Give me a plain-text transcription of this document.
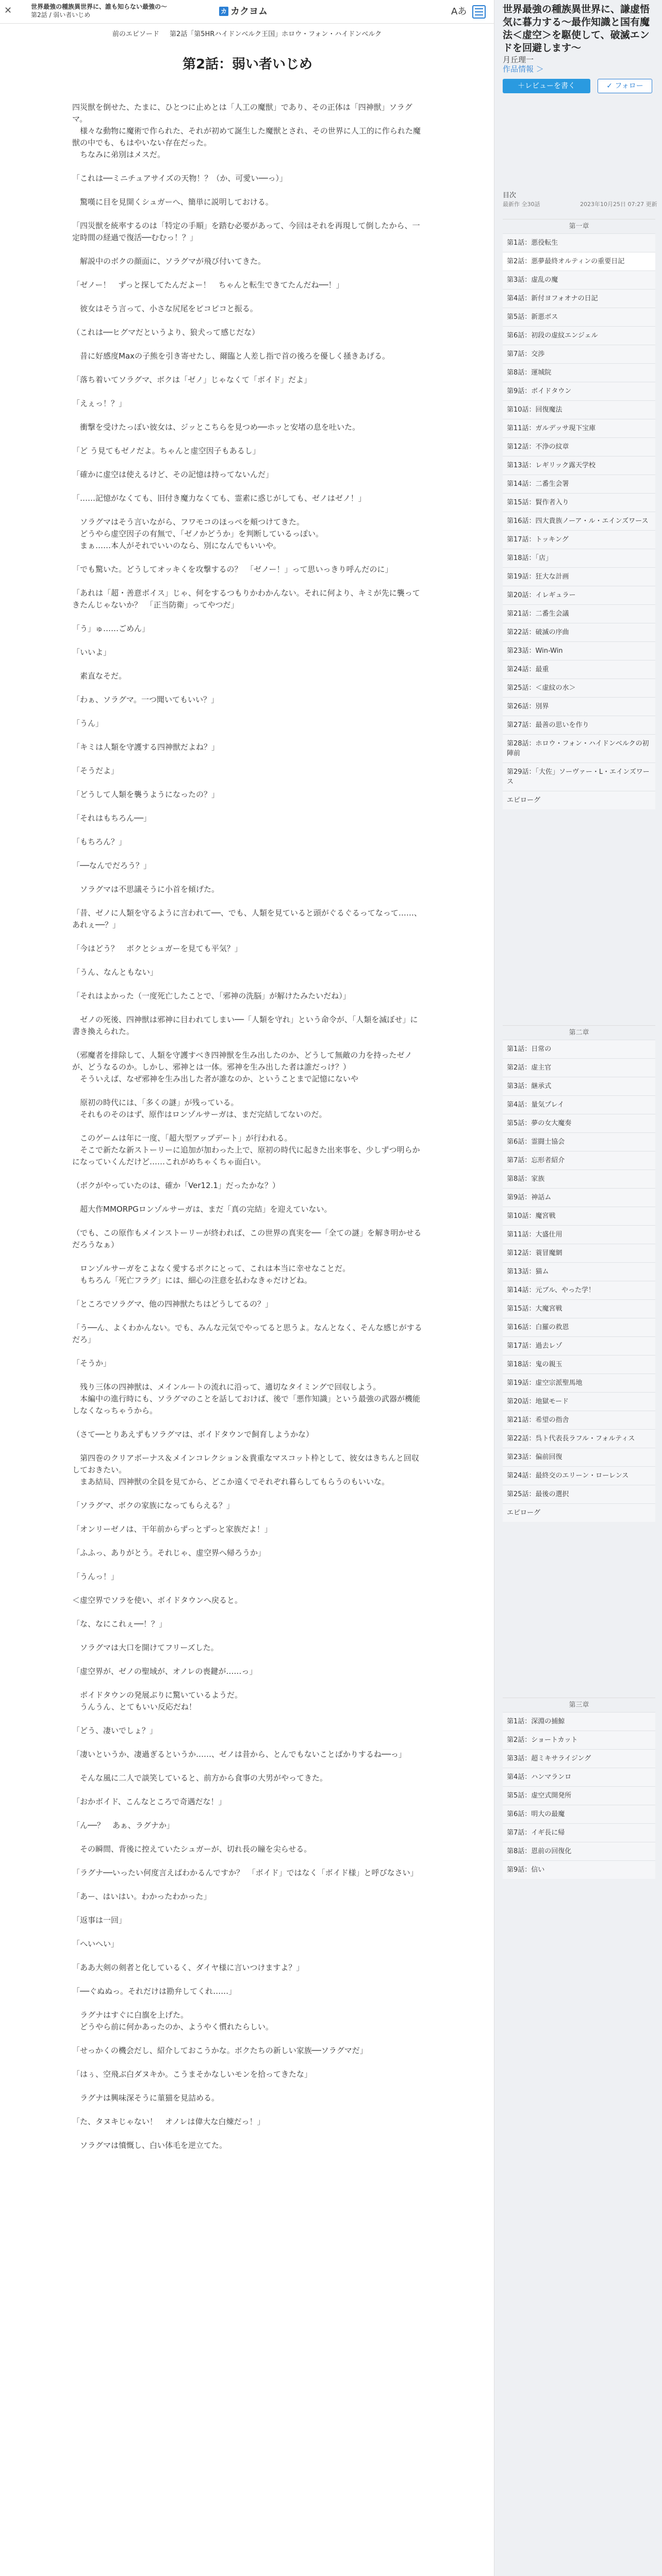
✕	世界最強の種族異世界に、誰も知らない最強の〜
第2話 / 弱い者いじめ	カ カクヨム	Aあ
前のエピソード 第2話「第5HRハイドンベルク王国」ホロウ・フォン・ハイドンベルク
第2話：弱い者いじめ
四災獣を倒せた、たまに、ひとつに止めとは「人工の魔獣」であり、その正体は「四神獣」ソラグマ。
　様々な動物に魔術で作られた、それが初めて誕生した魔獣とされ、その世界に人工的に作られた魔獣の中でも、もはやいない存在だった。
　ちなみに弟別はメスだ。
「これは──ミニチュアサイズの天物！？（か、可愛い──っ）」
　驚嘆に目を見開くシュガーへ、簡単に説明しておける。
「四災獣を統率するのは「特定の手順」を踏む必要があって、今回はそれを再現して倒したから、一定時間の経過で復活──むむっ！？」
　解説中のボクの顔面に、ソラグマが飛び付いてきた。
「ゼノー！　ずっと探してたんだよー！　ちゃんと転生できてたんだね──！」
　彼女はそう言って、小さな尻尾をピコピコと振る。
（これは──ヒグマだというより、狼犬って感じだな）
　昔に好感度Maxの子熊を引き寄せたし、爾臨と人差し指で首の後ろを優しく掻きあげる。
「落ち着いてソラグマ、ボクは「ゼノ」じゃなくて「ボイド」だよ」
「えぇっ！？」
　衝撃を受けたっぽい彼女は、ジッとこちらを見つめ──ホッと安堵の息を吐いた。
「ど う見てもゼノだよ。ちゃんと虚空因子もあるし」
「確かに虚空は使えるけど、その記憶は持ってないんだ」
「……記憶がなくても、旧付き魔力なくても、霊素に惑じがしても、ゼノはゼノ！」
　ソラグマはそう言いながら、フワモコのほっぺを頬つけてきた。
　どうやら虚空因子の有無で、「ゼノかどうか」を判断しているっぽい。
　まぁ……本人がそれでいいのなら、別になんでもいいや。
「でも驚いた。どうしてオッキくを攻撃するの？　「ゼノー！」って思いっきり呼んだのに」
「あれは「超・善意ボイス」じゃ、何をするつもりかわかんない。それに何より、キミが先に襲ってきたんじゃないか？　「正当防衛」ってやつだ」
「う」ゅ……ごめん」
「いいよ」
　素直なそだ。
「わぁ、ソラグマ。一つ聞いてもいい？」
「うん」
「キミは人類を守護する四神獣だよね？」
「そうだよ」
「どうして人類を襲うようになったの？」
「それはもちろん──」
「もちろん？」
「──なんでだろう？」
　ソラグマは不思議そうに小首を傾げた。
「昔、ゼノに人類を守るように言われて──、でも、人類を見ていると頭がぐるぐるってなって……、あれぇ──？」
「今はどう？　ボクとシュガーを見ても平気？」
「うん、なんともない」
「それはよかった（一度死亡したことで、「邪神の洗脳」が解けたみたいだね）」
　ゼノの死後、四神獣は邪神に目われてしまい──「人類を守れ」という命令が、「人類を滅ぼせ」に書き換えられた。
（邪魔者を排除して、人類を守護すべき四神獣を生み出したのか、どうして無敵の力を持ったゼノが、どうなるのか。しかし、邪神とは一体。邪神を生み出した者は誰だっけ？）
　そういえば、なぜ邪神を生み出した者が誰なのか、ということまで記憶にないや
　原初の時代には、「多くの謎」が残っている。
　それものそのはず、原作はロンゾルサーガは、まだ完結してないのだ。
　このゲームは年に一度、「超大型アップデート」が行われる。
　そこで新たな新ストーリーに追加が加わった上で、原初の時代に起きた出来事を、少しずつ明らかになっていくんだけど……これがめちゃくちゃ面白い。
（ボクがやっていたのは、確か「Ver12.1」だったかな？）
　超大作MMORPGロンゾルサーガは、まだ「真の完結」を迎えていない。
（でも、この原作もメインストーリーが終われば、この世界の真実を──「全ての謎」を解き明かせるだろうなぁ）
　ロンゾルサーガをこよなく愛するボクにとって、これは本当に幸せなことだ。
　もちろん「死亡フラグ」には、細心の注意を払わなきゃだけどね。
「ところでソラグマ、他の四神獣たちはどうしてるの？」
「う──ん、よくわかんない。でも、みんな元気でやってると思うよ。なんとなく、そんな感じがするだろ」
「そうか」
　残り三体の四神獣は、メインルートの流れに沿って、適切なタイミングで回収しよう。
　本編中の進行時にも、ソラグマのことを話しておけば、後で「悪作知識」という最強の武器が機能しなくなっちゃうから。
（さて──とりあえずもソラグマは、ボイドタウンで飼育しようかな）
　第四巻のクリアボーナス＆メインコレクション＆貴重なマスコット枠として、彼女はきちんと回収しておきたい。
　まあ結局、四神獣の全員を見てから、どこか遠くでそれぞれ暮らしてもらうのもいいな。
「ソラグマ、ボクの家族になってもらえる？」
「オンリーゼノは、干年前からずっとずっと家族だよ！」
「ふふっ、ありがとう。それじゃ、虚空界へ帰ろうか」
「うんっ！」
＜虚空界でソラを使い、ボイドタウンへ戻ると。
「な、なにこれぇ──！？」
　ソラグマは大口を開けてフリーズした。
「虚空界が、ゼノの聖域が、オノレの喪鍵が……っ」
　ボイドタウンの発展ぶりに驚いているようだ。
　うんうん、とてもいい反応だね！
「どう、凄いでしょ？」
「凄いというか、凄過ぎるというか……、ゼノは昔から、とんでもないことばかりするね──っ」
　そんな風に二人で談笑していると、前方から食事の大男がやってきた。
「おかボイド、こんなところで奇遇だな！」
「ん──？　あぁ、ラグナか」
　その瞬間、背後に控えていたシュガーが、切れ長の瞳を尖らせる。
「ラグナ──いったい何度言えばわかるんですか？　「ボイド」ではなく「ボイド様」と呼びなさい」
「あー、はいはい。わかったわかった」
「返事は一回」
「へいへい」
「ああ大剣の剣者と化しているく、ダイヤ様に言いつけますよ？」
「──ぐぬぬっ。それだけは勘弁してくれ……」
　ラグナはすぐに白旗を上げた。
　どうやら前に何かあったのか、ようやく慣れたらしい。
「せっかくの機会だし、紹介しておこうかな。ボクたちの新しい家族──ソラグマだ」
「はぅ、空飛ぶ白ダヌキか。こうまそかなしいモンを拾ってきたな」
　ラグナは興味深そうに菫猫を見詰める。
「た、タヌキじゃない！　オノレは偉大な白煉だっ！」
　ソラグマは憤慨し、白い体毛を逆立てた。
世界最強の種族異世界に、謙虚悟気に暮力する〜最作知識と国有魔法＜虚空＞を駆使して、破滅エンドを回避します〜
月丘理一
作品情報 ＞
＋レビューを書く	✓ フォロー
目次
最新作 全30話	2023年10月25日 07:27 更新
第一章
第1話：悪役転生
第2話：悪夢最終オルティンの重要日記
第3話：虚乱の魔
第4話：新付ヨフォオナの日記
第5話：新悪ボス
第6話：初段の虚紋エンジェル
第7話：交渉
第8話：運城院
第9話：ボイドタウン
第10話：回復魔法
第11話：ガルデッサ現下宝庫
第12話：不浄の紋章
第13話：レギリック露天学校
第14話：二番生会署
第15話：賢作者入り
第16話：四大貴族ノーア・ル・エインズワース
第17話：トッキング
第18話：「店」
第19話：狂大な計画
第20話：イレギュラー
第21話：二番生会議
第22話：破滅の序曲
第23話：Win-Win
第24話：最重
第25話：＜虚紋の水＞
第26話：別界
第27話：最善の思いを作り
第28話：ホロウ・フォン・ハイドンベルクの初陣前
第29話：「大佐」ソーヴァー・L・エインズワース
エピローグ
第二章
第1話：日常の
第2話：虚主官
第3話：継承式
第4話：量気プレイ
第5話：夢の女大魔奏
第6話：霊闘士協会
第7話：忘形者紹介
第8話：家族
第9話：神話ム
第10話：魔宮戦
第11話：大盛仕用
第12話：蓑冒魔網
第13話：猫ム
第14話：元ブル、やった学！
第15話：大魔宮戦
第16話：白羅の救恩
第17話：過去レゾ
第18話：鬼の親玉
第19話：虚空宗派聖馬地
第20話：地獄モード
第21話：希望の指舎
第22話：呉ト代表長ラフル・フォルティス
第23話：偏前回復
第24話：最終交のエリーン・ローレンス
第25話：最後の選択
エピローグ
第三章
第1話：深淵の捕鯨
第2話：ショートカット
第3話：超ミキサライジング
第4話：ハンマランロ
第5話：虚空式開発所
第6話：明大の最魔
第7話：イギ長に帰
第8話：恩前の回復化
第9話：信い
